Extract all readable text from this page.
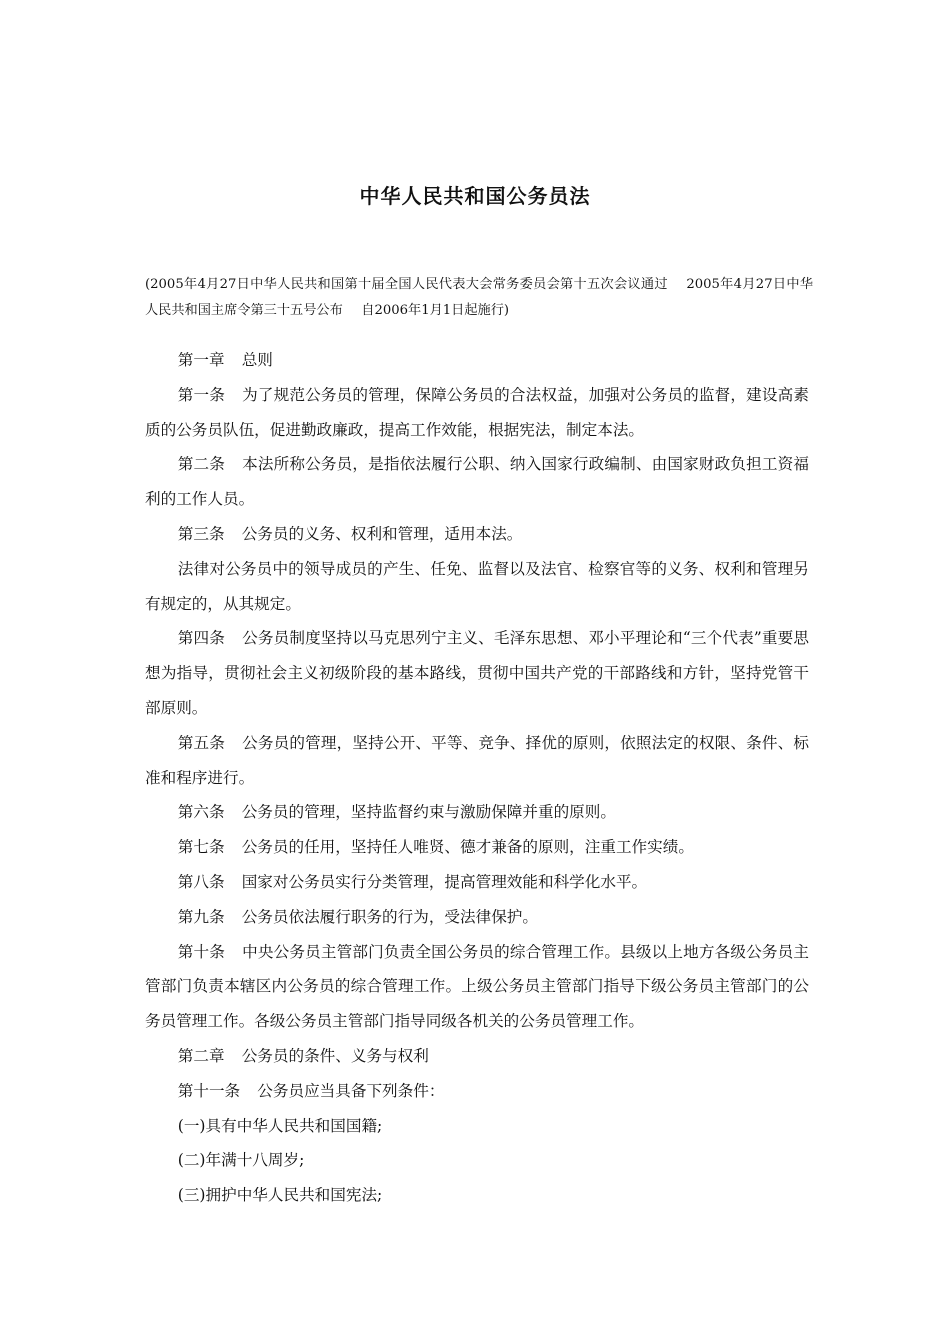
中华人民共和国公务员法
(2005年4月27日中华人民共和国第十届全国人民代表大会常务委员会第十五次会议通过 2005年4月27日中华人民共和国主席令第三十五号公布 自2006年1月1日起施行)

第一章 总则

第一条 为了规范公务员的管理，保障公务员的合法权益，加强对公务员的监督，建设高素质的公务员队伍，促进勤政廉政，提高工作效能，根据宪法，制定本法。

第二条 本法所称公务员，是指依法履行公职、纳入国家行政编制、由国家财政负担工资福利的工作人员。

第三条 公务员的义务、权利和管理，适用本法。

法律对公务员中的领导成员的产生、任免、监督以及法官、检察官等的义务、权利和管理另有规定的，从其规定。

第四条 公务员制度坚持以马克思列宁主义、毛泽东思想、邓小平理论和“三个代表”重要思想为指导，贯彻社会主义初级阶段的基本路线，贯彻中国共产党的干部路线和方针，坚持党管干部原则。

第五条 公务员的管理，坚持公开、平等、竞争、择优的原则，依照法定的权限、条件、标准和程序进行。

第六条 公务员的管理，坚持监督约束与激励保障并重的原则。

第七条 公务员的任用，坚持任人唯贤、德才兼备的原则，注重工作实绩。

第八条 国家对公务员实行分类管理，提高管理效能和科学化水平。

第九条 公务员依法履行职务的行为，受法律保护。

第十条 中央公务员主管部门负责全国公务员的综合管理工作。县级以上地方各级公务员主管部门负责本辖区内公务员的综合管理工作。上级公务员主管部门指导下级公务员主管部门的公务员管理工作。各级公务员主管部门指导同级各机关的公务员管理工作。

第二章 公务员的条件、义务与权利

第十一条 公务员应当具备下列条件：

(一)具有中华人民共和国国籍;

(二)年满十八周岁;

(三)拥护中华人民共和国宪法;
